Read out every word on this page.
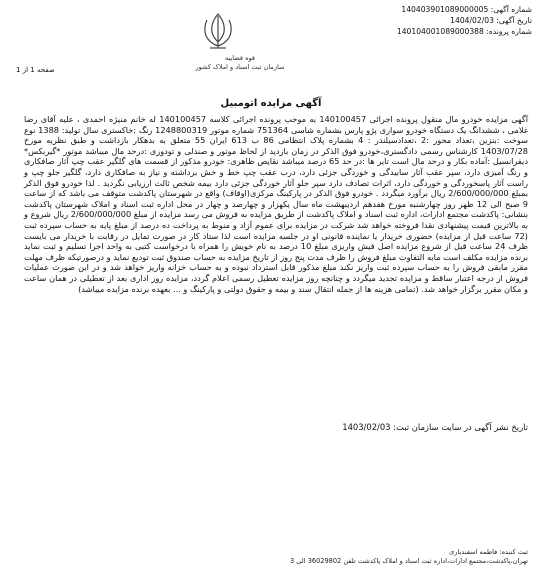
شماره آگهی: 140403901089000005
تاریخ آگهی: 1404/02/03
شماره پرونده: 140104001089000388
قوه قضاییه
سازمان ثبت اسناد و املاک کشور
صفحه 1 از 1
آگهی مزایده اتومبیل
آگهی مزایده خودرو مال منقول پرونده اجرائی 140100457 به موجب پرونده اجرائی کلاسه 140100457 له خانم منیژه احمدی ، علیه آقای رضا غلامی ، ششدانگ یک دستگاه خودرو سواری پژو پارس بشماره شاسی 751364 شماره موتور 1248800319 رنگ :خاکستری سال تولید: 1388 نوع سوخت :بنزین ،تعداد محور :2 ،تعدادسیلندر : 4 بشماره پلاک انتظامی 86 ب 613 ایران 55 متعلق به بدهکار بازداشت و طبق نظریه مورخ 1403/07/28 کارشناس رسمی دادگستری،خودرو فوق الذکر در زمان بازدید از لحاظ موتور و صندلی و تودوزی :درحد مال میباشد موتور *گیربکس* دیفرانسیل :آماده بکار و درحد مال است تایر ها :در حد 65 درصد میباشد نقایص ظاهری: خودرو مذکور از قسمت های گلگیر عقب چپ آثار صافکاری و رنگ آمیزی دارد، سپر عقب آثار سابیدگی و خوردگی جزئی دارد، درب عقب چپ خط و خش برداشته و نیاز به صافکاری دارد، گلگیر جلو چپ و راست آثار پاسخوردگی و خوردگی دارد، اثرات تصادف دارد سپر جلو آثار خوردگی جزئی دارد بیمه شخص ثالث ارزیابی نگردید . لذا خودرو فوق الذکر بمبلغ 2/600/000/000 ریال برآورد میگردد . خودرو فوق الذکر در پارکینگ مرکزی(اوقاف) واقع در شهرستان پاکدشت متوقف می باشد که از ساعت 9 صبح الی 12 ظهر روز چهارشنبه مورخ هفدهم اردیبهشت ماه سال یکهزار و چهارصد و چهار در محل اداره ثبت اسناد و املاک شهرستان پاکدشت بنشانی: پاکدشت مجتمع ادارات، اداره ثبت اسناد و املاک پاکدشت از طریق مزایده به فروش می رسد مزایده از مبلغ 2/600/000/000 ریال شروع و به بالاترین قیمت پیشنهادی نقدا فروخته خواهد شد شرکت در مزایده برای عموم آزاد و منوط به پرداخت ده درصد از مبلغ پایه به حساب سپرده ثبت (72 ساعت قبل از مزایده) حضوری خریدار یا نماینده قانونی او در جلسه مزایده است لذا ستاد کار در صورت تمایل در رقابت با خریدار می بایست ظرف 24 ساعت قبل از شروع مزایده اصل فیش واریزی مبلغ 10 درصد به نام خویش را همراه با درخواست کتبی به واحد اجرا تسلیم و ثبت نماید برنده مزایده مکلف است مابه التفاوت مبلغ فروش را ظرف مدت پنج روز از تاریخ مزایده به حساب صندوق ثبت تودیع نماید و درصورتیکه ظرف مهلت مقرر مابقی فروش را به حساب سپرده ثبت واریز نکند مبلغ مذکور قابل استرداد نبوده و به حساب خزانه واریز خواهد شد و در این صورت عملیات فروش از درجه اعتبار ساقط و مزایده تجدید میگردد و چنانچه روز مزایده تعطیل رسمی اعلام گردد، مزایده روز اداری بعد از تعطیلی در همان ساعت و مکان مقرر برگزار خواهد شد. (تمامی هزینه ها از جمله انتقال سند و بیمه و حقوق دولتی و پارکینگ و ... بعهده برنده مزایده میباشد)
تاریخ نشر آگهی در سایت سازمان ثبت: 1403/02/03
ثبت کننده: فاطمه اسفندیاری
تهران،پاکدشت،مجتمع ادارات،اداره ثبت اسناد و املاک پاکدشت تلفن 36029802 الی 3
